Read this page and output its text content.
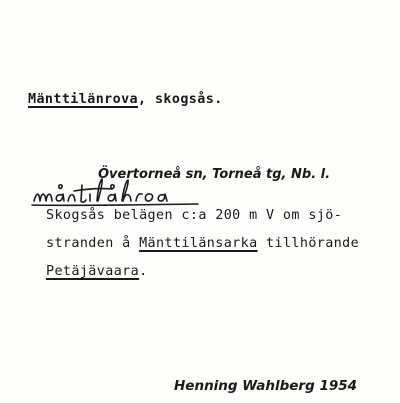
Mänttilänrova, skogsås.
Övertorneå sn, Torneå tg, Nb. l.
Skogsås belägen c:a 200 m V om sjö-
stranden å Mänttilänsarka tillhörande
Petäjävaara.
Henning Wahlberg 1954
